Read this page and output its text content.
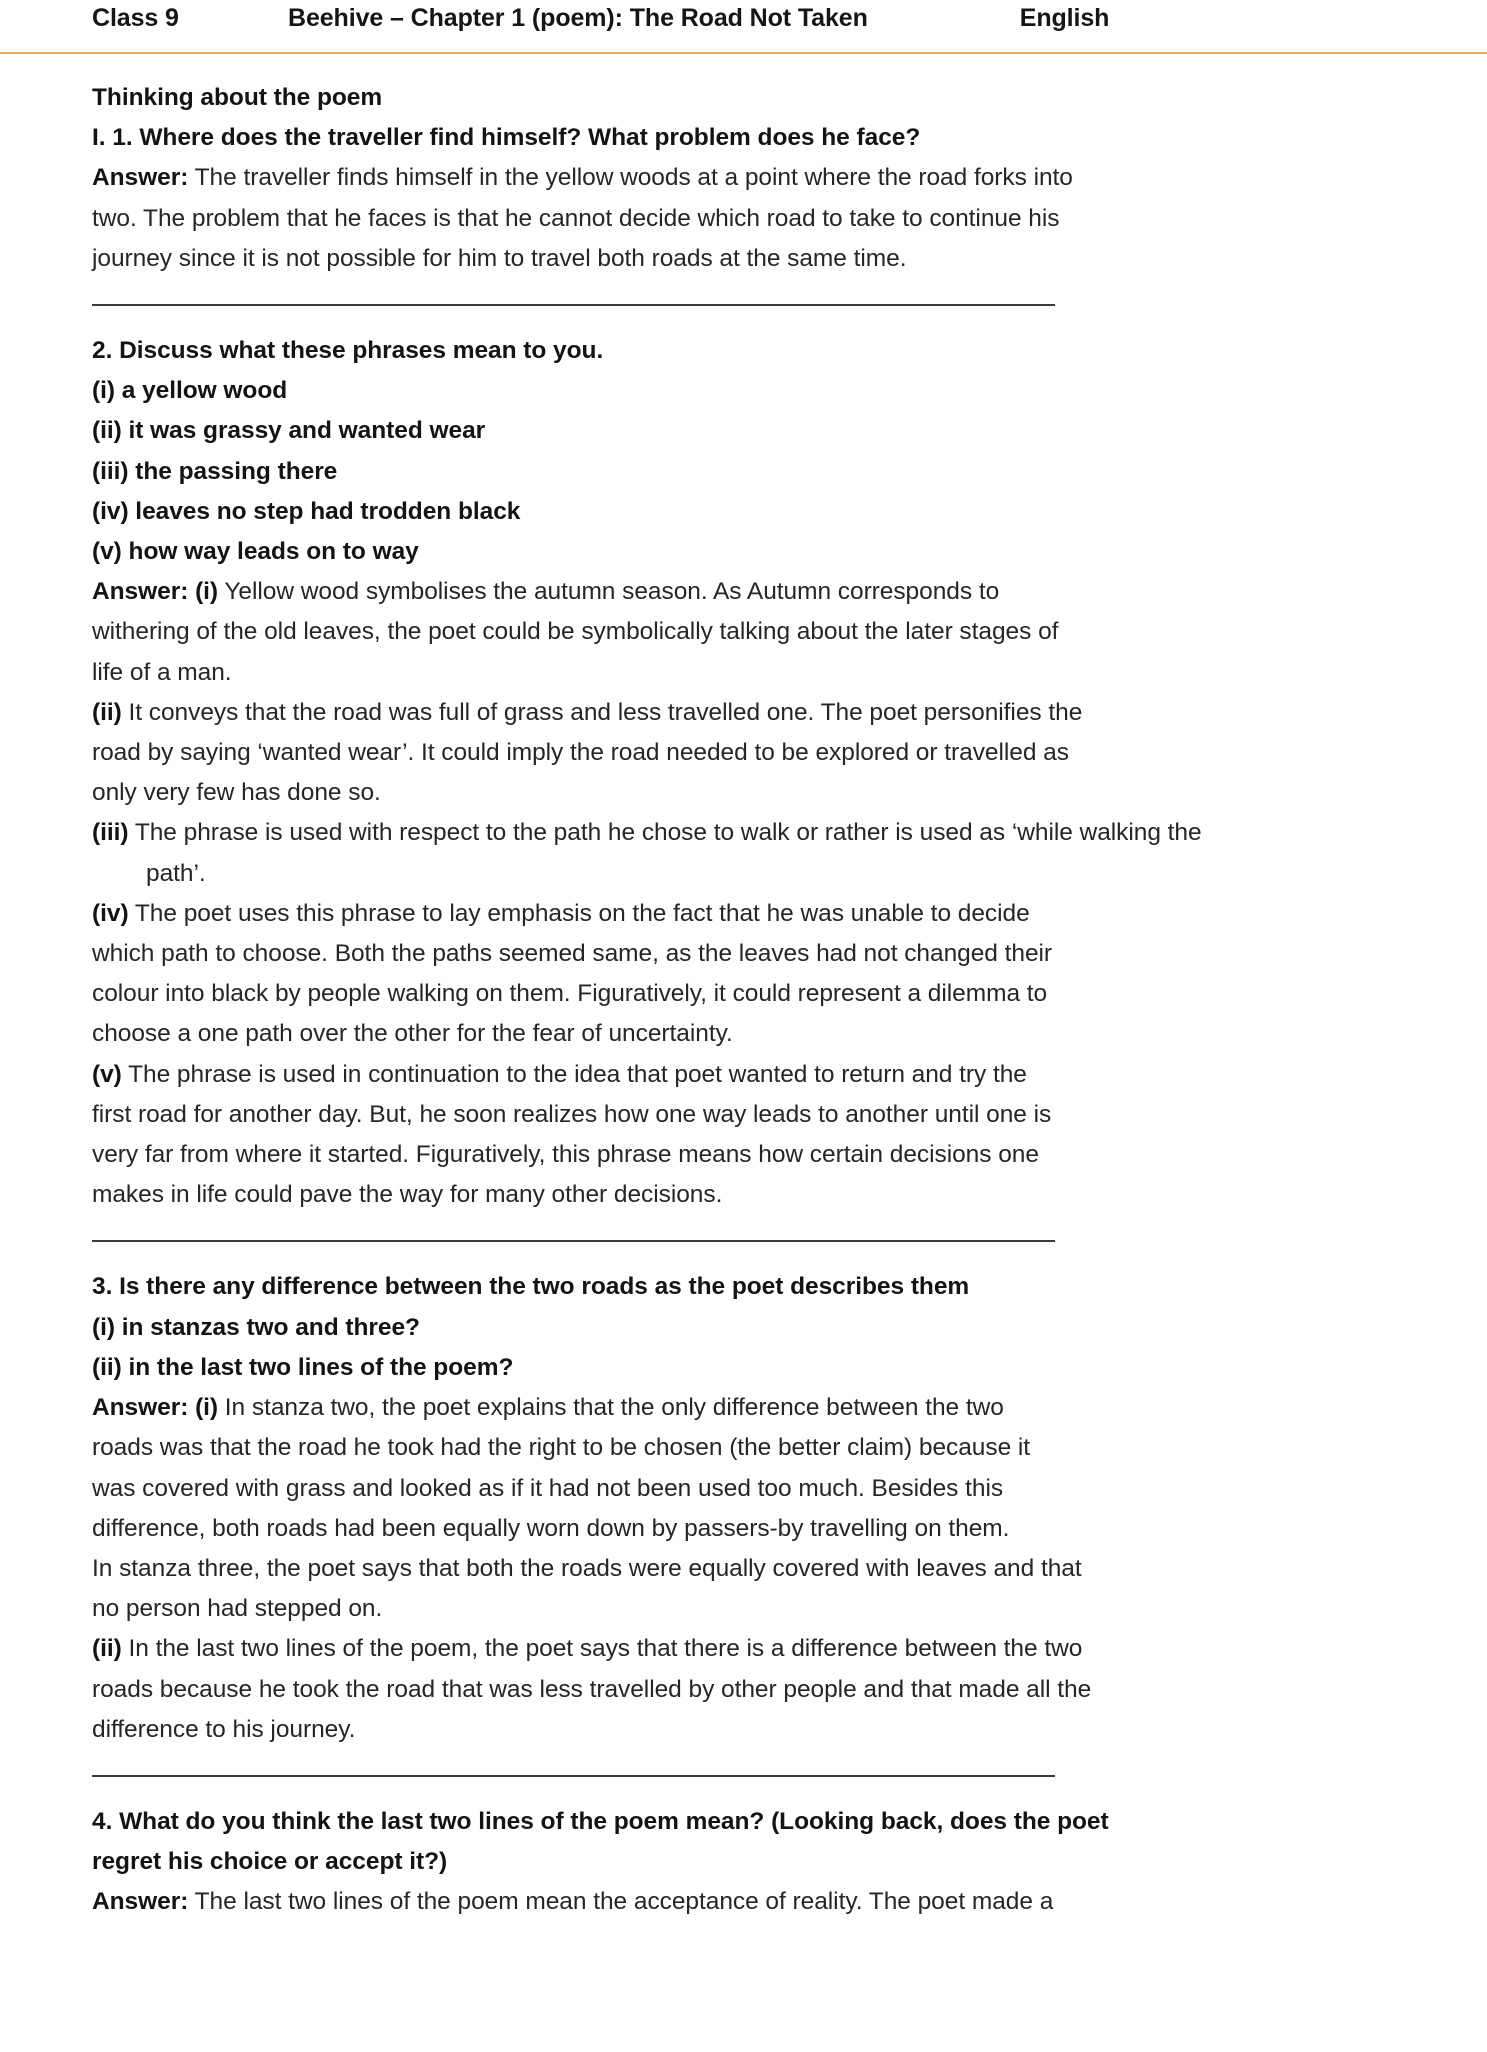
Class 9	Beehive – Chapter 1 (poem): The Road Not Taken	English
Thinking about the poem
I. 1. Where does the traveller find himself? What problem does he face?
Answer: The traveller finds himself in the yellow woods at a point where the road forks into
two. The problem that he faces is that he cannot decide which road to take to continue his
journey since it is not possible for him to travel both roads at the same time.
2. Discuss what these phrases mean to you.
(i) a yellow wood
(ii) it was grassy and wanted wear
(iii) the passing there
(iv) leaves no step had trodden black
(v) how way leads on to way
Answer: (i) Yellow wood symbolises the autumn season. As Autumn corresponds to
withering of the old leaves, the poet could be symbolically talking about the later stages of
life of a man.
(ii) It conveys that the road was full of grass and less travelled one. The poet personifies the
road by saying ‘wanted wear’. It could imply the road needed to be explored or travelled as
only very few has done so.
(iii) The phrase is used with respect to the path he chose to walk or rather is used as ‘while walking the
path’.
(iv) The poet uses this phrase to lay emphasis on the fact that he was unable to decide
which path to choose. Both the paths seemed same, as the leaves had not changed their
colour into black by people walking on them. Figuratively, it could represent a dilemma to
choose a one path over the other for the fear of uncertainty.
(v) The phrase is used in continuation to the idea that poet wanted to return and try the
first road for another day. But, he soon realizes how one way leads to another until one is
very far from where it started. Figuratively, this phrase means how certain decisions one
makes in life could pave the way for many other decisions.
3. Is there any difference between the two roads as the poet describes them
(i) in stanzas two and three?
(ii) in the last two lines of the poem?
Answer: (i) In stanza two, the poet explains that the only difference between the two
roads was that the road he took had the right to be chosen (the better claim) because it
was covered with grass and looked as if it had not been used too much. Besides this
difference, both roads had been equally worn down by passers-by travelling on them.
In stanza three, the poet says that both the roads were equally covered with leaves and that
no person had stepped on.
(ii) In the last two lines of the poem, the poet says that there is a difference between the two
roads because he took the road that was less travelled by other people and that made all the
difference to his journey.
4. What do you think the last two lines of the poem mean? (Looking back, does the poet
regret his choice or accept it?)
Answer: The last two lines of the poem mean the acceptance of reality. The poet made a
